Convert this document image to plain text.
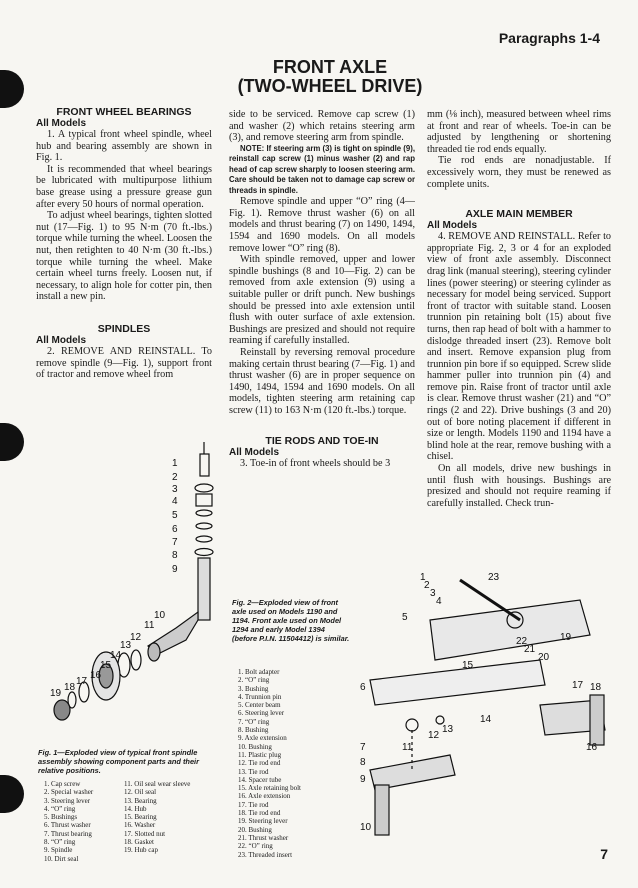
Paragraphs 1-4
FRONT AXLE
(TWO-WHEEL DRIVE)

FRONT WHEEL BEARINGS

All Models

1. A typical front wheel spindle, wheel hub and bearing assembly are shown in Fig. 1.

It is recommended that wheel bearings be lubricated with multipurpose lithium base grease using a pressure grease gun after every 50 hours of normal operation.

To adjust wheel bearings, tighten slotted nut (17—Fig. 1) to 95 N·m (70 ft.-lbs.) torque while turning the wheel. Loosen the nut, then retighten to 40 N·m (30 ft.-lbs.) torque while turning the wheel. Make certain wheel turns freely. Loosen nut, if necessary, to align hole for cotter pin, then install a new pin.

SPINDLES

All Models

2. REMOVE AND REINSTALL. To remove spindle (9—Fig. 1), support front of tractor and remove wheel from

side to be serviced. Remove cap screw (1) and washer (2) which retains steering arm (3), and remove steering arm from spindle.

NOTE: If steering arm (3) is tight on spindle (9), reinstall cap screw (1) minus washer (2) and rap head of cap screw sharply to loosen steering arm. Care should be taken not to damage cap screw or threads in spindle.

Remove spindle and upper “O” ring (4—Fig. 1). Remove thrust washer (6) on all models and thrust bearing (7) on 1490, 1494, 1594 and 1690 models. On all models remove lower “O” ring (8).

With spindle removed, upper and lower spindle bushings (8 and 10—Fig. 2) can be removed from axle extension (9) using a suitable puller or drift punch. New bushings should be pressed into axle extension until flush with outer surface of axle extension. Bushings are presized and should not require reaming if carefully installed.

Reinstall by reversing removal procedure making certain thrust bearing (7—Fig. 1) and thrust washer (6) are in proper sequence on 1490, 1494, 1594 and 1690 models. On all models, tighten steering arm retaining cap screw (11) to 163 N·m (120 ft.-lbs.) torque.

TIE RODS AND TOE-IN

All Models

3. Toe-in of front wheels should be 3

mm (⅛ inch), measured between wheel rims at front and rear of wheels. Toe-in can be adjusted by lengthening or shortening threaded tie rod ends equally.

Tie rod ends are nonadjustable. If excessively worn, they must be renewed as complete units.

AXLE MAIN MEMBER

All Models

4. REMOVE AND REINSTALL. Refer to appropriate Fig. 2, 3 or 4 for an exploded view of front axle assembly. Disconnect drag link (manual steering), steering cylinder lines (power steering) or steering cylinder as necessary for model being serviced. Support front of tractor with suitable stand. Loosen trunnion pin retaining bolt (15) about five turns, then rap head of bolt with a hammer to dislodge threaded insert (23). Remove bolt and insert. Remove expansion plug from trunnion pin bore if so equipped. Screw slide hammer puller into trunnion pin (4) and remove pin. Raise front of tractor until axle is clear. Remove thrust washer (21) and “O” rings (2 and 22). Drive bushings (3 and 20) out of bore noting placement if different in size or length. Models 1190 and 1194 have a blind hole at the rear, remove bushing with a chisel.

On all models, drive new bushings in until flush with housings. Bushings are presized and should not require reaming if carefully installed. Check trun-

1
2
3
4
5
6
7
8
9
10
11
12
13
14
15
16
17
18
19
Fig. 1—Exploded view of typical front spindle assembly showing component parts and their relative positions.
1. Cap screw
2. Special washer
3. Steering lever
4. “O” ring
5. Bushings
6. Thrust washer
7. Thrust bearing
8. “O” ring
9. Spindle
10. Dirt seal
11. Oil seal wear sleeve
12. Oil seal
13. Bearing
14. Hub
15. Bearing
16. Washer
17. Slotted nut
18. Gasket
19. Hub cap
Fig. 2—Exploded view of front axle used on Models 1190 and 1194. Front axle used on Model 1294 and early Model 1394 (before P.I.N. 11504412) is similar.
1. Bolt adapter
2. “O” ring
3. Bushing
4. Trunnion pin
5. Center beam
6. Steering lever
7. “O” ring
8. Bushing
9. Axle extension
10. Bushing
11. Plastic plug
12. Tie rod end
13. Tie rod
14. Spacer tube
15. Axle retaining bolt
16. Axle extension
17. Tie rod
18. Tie rod end
19. Steering lever
20. Bushing
21. Thrust washer
22. “O” ring
23. Threaded insert
1
2
3
4
5
6
7
8
9
10
11
12
13
14
15
16
17 18
19
20
21
22
23
7
